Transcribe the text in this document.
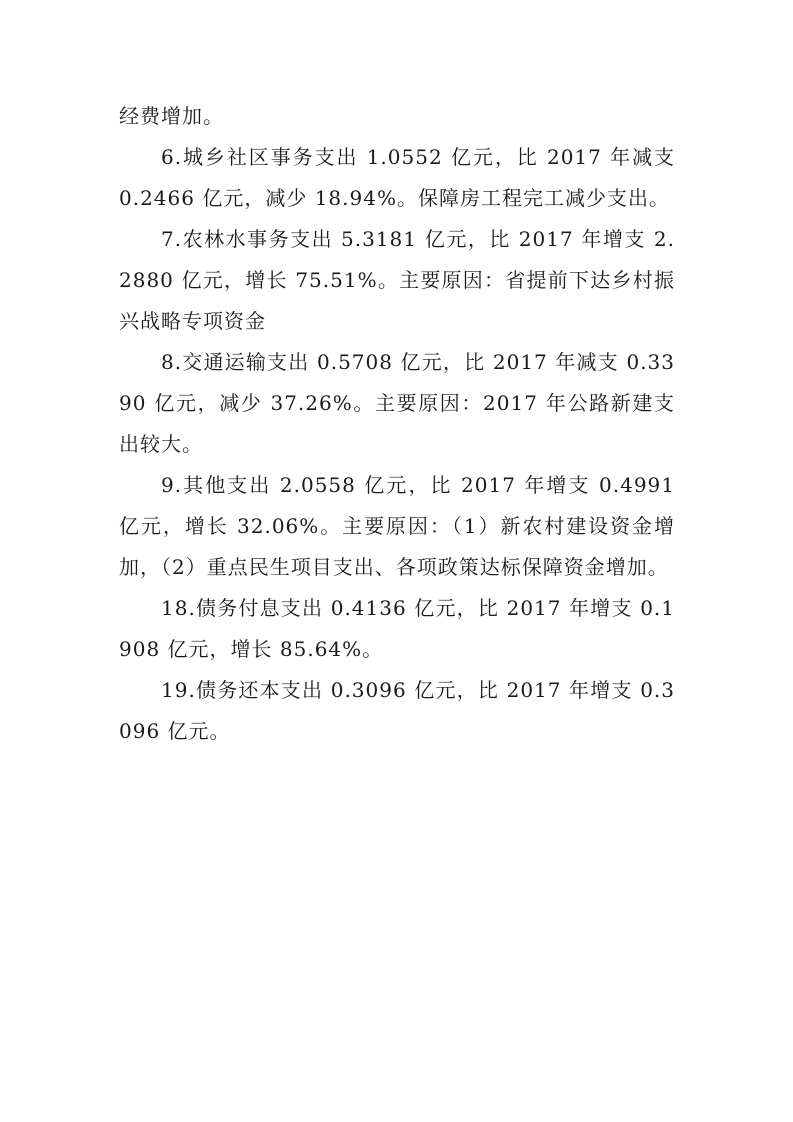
经费增加。

6.城乡社区事务支出 1.0552 亿元，比 2017 年减支 0.2466 亿元，减少 18.94%。保障房工程完工减少支出。

7.农林水事务支出 5.3181 亿元，比 2017 年增支 2.2880 亿元，增长 75.51%。主要原因：省提前下达乡村振兴战略专项资金

8.交通运输支出 0.5708 亿元，比 2017 年减支 0.3390 亿元，减少 37.26%。主要原因：2017 年公路新建支出较大。

9.其他支出 2.0558 亿元，比 2017 年增支 0.4991 亿元，增长 32.06%。主要原因：（1）新农村建设资金增加，（2）重点民生项目支出、各项政策达标保障资金增加。

18.债务付息支出 0.4136 亿元，比 2017 年增支 0.1908 亿元，增长 85.64%。

19.债务还本支出 0.3096 亿元，比 2017 年增支 0.3096 亿元。
